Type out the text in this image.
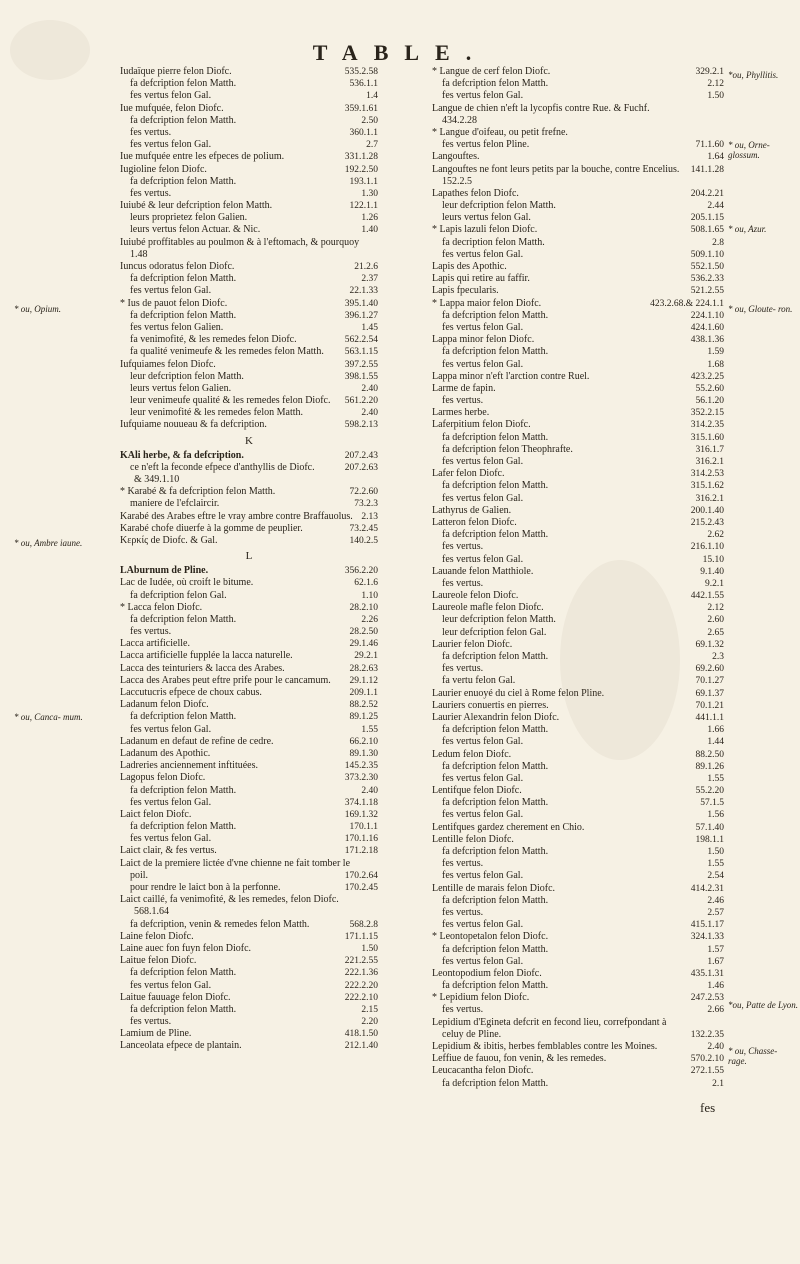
TABLE.
Iudaïque pierre felon Diofc.	535.2.58
fa defcription felon Matth.	536.1.1
fes vertus felon Gal.	1.4
Iue mufquée, felon Diofc.	359.1.61
fa defcription felon Matth.	2.50
fes vertus.	360.1.1
fes vertus felon Gal.	2.7
Iue mufquée entre les efpeces de polium.	331.1.28
Iugioline felon Diofc.	192.2.50
fa defcription felon Matth.	193.1.1
fes vertus.	1.30
Iuiubé & leur defcription felon Matth.	122.1.1
leurs proprietez felon Galien.	1.26
leurs vertus felon Actuar. & Nic.	1.40
Iuiubé proffitables au poulmon & à l'eftomach, & pourquoy
1.48
Iuncus odoratus felon Diofc.	21.2.6
fa defcription felon Matth.	2.37
fes vertus felon Gal.	22.1.33
* Ius de pauot felon Diofc.	395.1.40
fa defcription felon Matth.	396.1.27
fes vertus felon Galien.	1.45
fa venimofité, & les remedes felon Diofc.	562.2.54
fa qualité venimeufe & les remedes felon Matth.	563.1.15
Iufquiames felon Diofc.	397.2.55
leur defcription felon Matth.	398.1.55
leurs vertus felon Galien.	2.40
leur venimeufe qualité & les remedes felon Diofc.	561.2.20
leur venimofité & les remedes felon Matth.	2.40
Iufquiame nouueau & fa defcription.	598.2.13
K
KAli herbe, & fa defcription.	207.2.43
ce n'eft la feconde efpece d'anthyllis de Diofc.	207.2.63
& 349.1.10
* Karabé & fa defcription felon Matth.	72.2.60
maniere de l'efclaircir.	73.2.3
Karabé des Arabes eftre le vray ambre contre Braffauolus. 2.13
Karabé chofe diuerfe à la gomme de peuplier.	73.2.45
Κερκίς de Diofc. & Gal.	140.2.5
L
LAburnum de Pline.	356.2.20
Lac de Iudée, où croift le bitume.	62.1.6
fa defcription felon Gal.	1.10
* Lacca felon Diofc.	28.2.10
fa defcription felon Matth.	2.26
fes vertus.	28.2.50
Lacca artificielle.	29.1.46
Lacca artificielle fupplée la lacca naturelle.	29.2.1
Lacca des teinturiers & lacca des Arabes.	28.2.63
Lacca des Arabes peut eftre prife pour le cancamum.	29.1.12
Laccutucris efpece de choux cabus.	209.1.1
Ladanum felon Diofc.	88.2.52
fa defcription felon Matth.	89.1.25
fes vertus felon Gal.	1.55
Ladanum en defaut de refine de cedre.	66.2.10
Ladanum des Apothic.	89.1.30
Ladreries anciennement inftituées.	145.2.35
Lagopus felon Diofc.	373.2.30
fa defcription felon Matth.	2.40
fes vertus felon Gal.	374.1.18
Laict felon Diofc.	169.1.32
fa defcription felon Matth.	170.1.1
fes vertus felon Gal.	170.1.16
Laict clair, & fes vertus.	171.2.18
Laict de la premiere lictée d'vne chienne ne fait tomber le
poil.	170.2.64
pour rendre le laict bon à la perfonne.	170.2.45
Laict caillé, fa venimofité, & les remedes, felon Diofc.
568.1.64
fa defcription, venin & remedes felon Matth.	568.2.8
Laine felon Diofc.	171.1.15
Laine auec fon fuyn felon Diofc.	1.50
Laitue felon Diofc.	221.2.55
fa defcription felon Matth.	222.1.36
fes vertus felon Gal.	222.2.20
Laitue fauuage felon Diofc.	222.2.10
fa defcription felon Matth.	2.15
fes vertus.	2.20
Lamium de Pline.	418.1.50
Lanceolata efpece de plantain.	212.1.40
* Langue de cerf felon Diofc.	329.2.1
fa defcription felon Matth.	2.12
fes vertus felon Gal.	1.50
Langue de chien n'eft la lycopfis contre Rue. & Fuchf.
434.2.28
* Langue d'oifeau, ou petit frefne.
fes vertus felon Pline.	71.1.60
Langouftes.	1.64
Langouftes ne font leurs petits par la bouche, contre Encelius.	141.1.28
152.2.5
Lapathes felon Diofc.	204.2.21
leur defcription felon Matth.	2.44
leurs vertus felon Gal.	205.1.15
* Lapis lazuli felon Diofc.	508.1.65
fa decription felon Matth.	2.8
fes vertus felon Gal.	509.1.10
Lapis des Apothic.	552.1.50
Lapis qui retire au faffir.	536.2.33
Lapis fpecularis.	521.2.55
* Lappa maior felon Diofc.	423.2.68.& 224.1.1
fa defcription felon Matth.	224.1.10
fes vertus felon Gal.	424.1.60
Lappa minor felon Diofc.	438.1.36
fa defcription felon Matth.	1.59
fes vertus felon Gal.	1.68
Lappa minor n'eft l'arction contre Ruel.	423.2.25
Larme de fapin.	55.2.60
fes vertus.	56.1.20
Larmes herbe.	352.2.15
Laferpitium felon Diofc.	314.2.35
fa defcription felon Matth.	315.1.60
fa defcription felon Theophrafte.	316.1.7
fes vertus felon Gal.	316.2.1
Lafer felon Diofc.	314.2.53
fa defcription felon Matth.	315.1.62
fes vertus felon Gal.	316.2.1
Lathyrus de Galien.	200.1.40
Latteron felon Diofc.	215.2.43
fa defcription felon Matth.	2.62
fes vertus.	216.1.10
fes vertus felon Gal.	15.10
Lauande felon Matthiole.	9.1.40
fes vertus.	9.2.1
Laureole felon Diofc.	442.1.55
Laureole mafle felon Diofc.	2.12
leur defcription felon Matth.	2.60
leur defcription felon Gal.	2.65
Laurier felon Diofc.	69.1.32
fa defcription felon Matth.	2.3
fes vertus.	69.2.60
fa vertu felon Gal.	70.1.27
Laurier enuoyé du ciel à Rome felon Pline.	69.1.37
Lauriers conuertis en pierres.	70.1.21
Laurier Alexandrin felon Diofc.	441.1.1
fa defcription felon Matth.	1.66
fes vertus felon Gal.	1.44
Ledum felon Diofc.	88.2.50
fa defcription felon Matth.	89.1.26
fes vertus felon Gal.	1.55
Lentifque felon Diofc.	55.2.20
fa defcription felon Matth.	57.1.5
fes vertus felon Gal.	1.56
Lentifques gardez cherement en Chio.	57.1.40
Lentille felon Diofc.	198.1.1
fa defcription felon Matth.	1.50
fes vertus.	1.55
fes vertus felon Gal.	2.54
Lentille de marais felon Diofc.	414.2.31
fa defcription felon Matth.	2.46
fes vertus.	2.57
fes vertus felon Gal.	415.1.17
* Leontopetalon felon Diofc.	324.1.33
fa defcription felon Matth.	1.57
fes vertus felon Gal.	1.67
Leontopodium felon Diofc.	435.1.31
fa defcription felon Matth.	1.46
* Lepidium felon Diofc.	247.2.53
fes vertus.	2.66
Lepidium d'Egineta defcrit en fecond lieu, correfpondant à
celuy de Pline.	132.2.35
Lepidium & ibitis, herbes femblables contre les Moines.	2.40
Leffiue de fauou, fon venin, & les remedes.	570.2.10
Leucacantha felon Diofc.	272.1.55
fa defcription felon Matth.	2.1
* ou, Opium.
* ou, Ambre iaune.
* ou, Canca- mum.
*ou, Phyllitis.
* ou, Orne- glossum.
* ou, Azur.
* ou, Gloute- ron.
*ou, Patte de Lyon.
* ou, Chasse- rage.
fes
